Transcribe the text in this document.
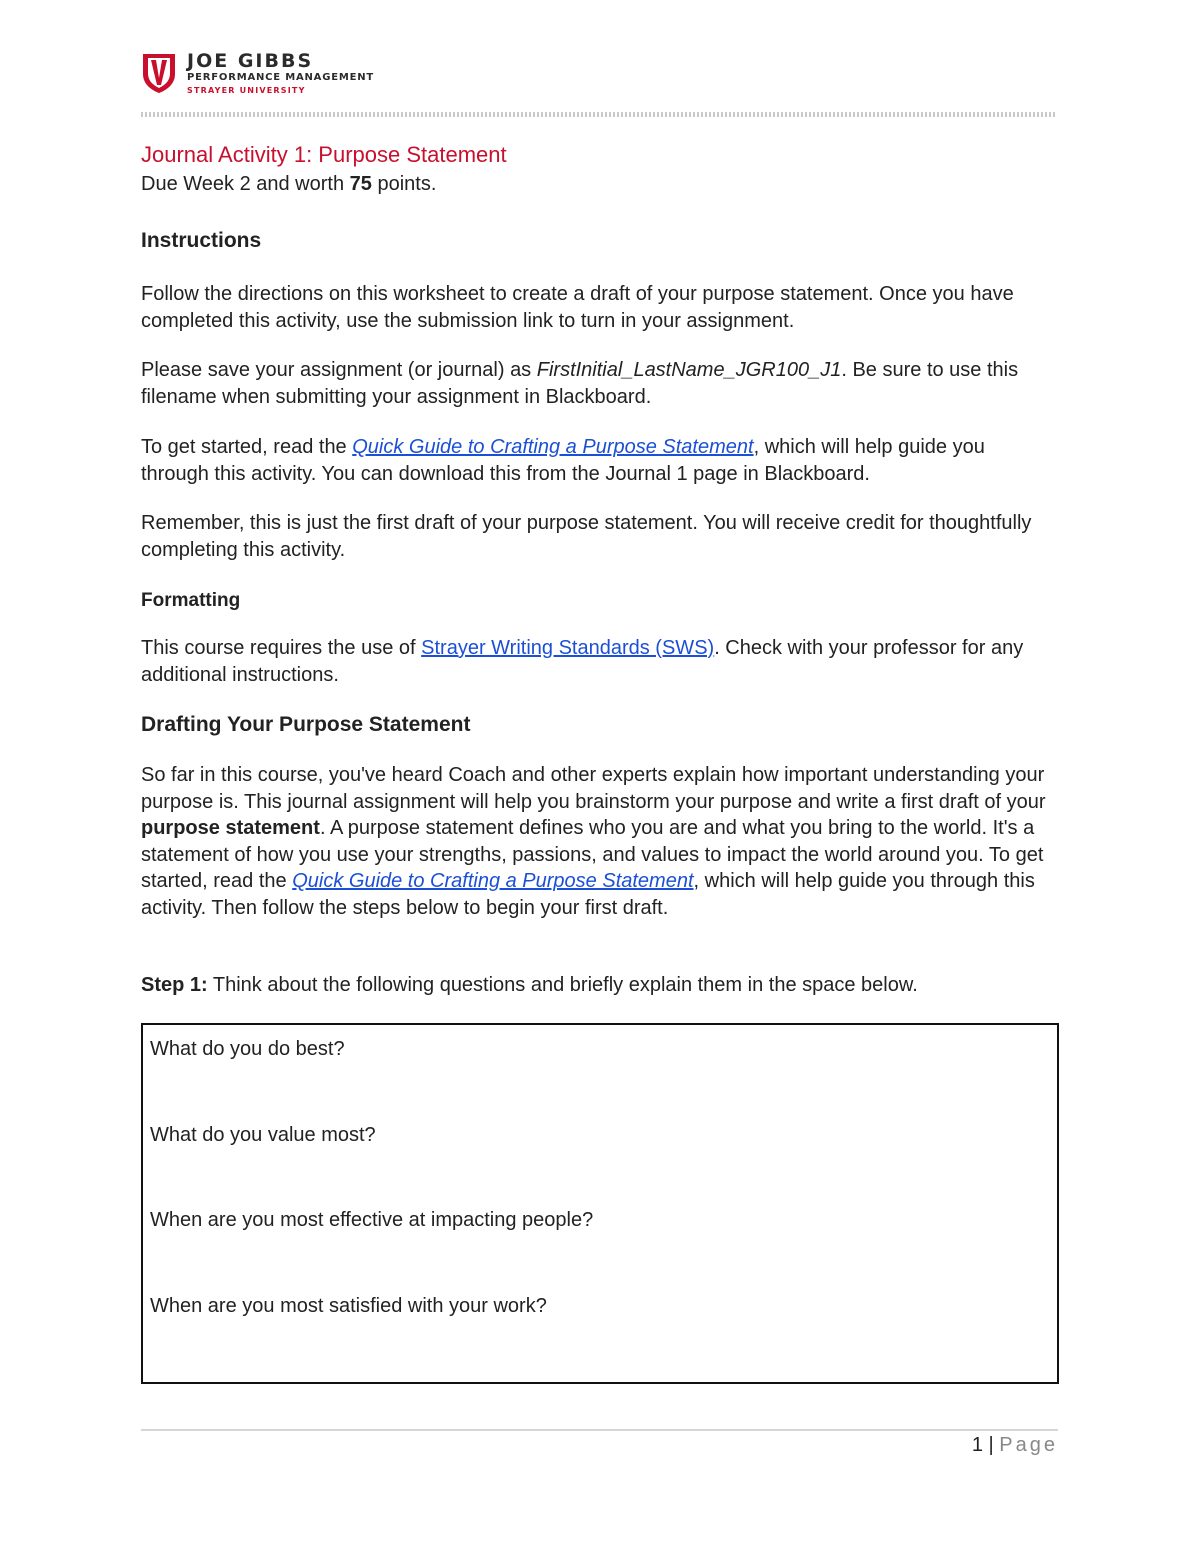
JOE GIBBS
PERFORMANCE MANAGEMENT
STRAYER UNIVERSITY
Journal Activity 1: Purpose Statement
Due Week 2 and worth 75 points.
Instructions

Follow the directions on this worksheet to create a draft of your purpose statement. Once you have completed this activity, use the submission link to turn in your assignment.

Please save your assignment (or journal) as FirstInitial_LastName_JGR100_J1. Be sure to use this filename when submitting your assignment in Blackboard.

To get started, read the Quick Guide to Crafting a Purpose Statement, which will help guide you through this activity. You can download this from the Journal 1 page in Blackboard.

Remember, this is just the first draft of your purpose statement. You will receive credit for thoughtfully completing this activity.

Formatting

This course requires the use of Strayer Writing Standards (SWS). Check with your professor for any additional instructions.

Drafting Your Purpose Statement

So far in this course, you've heard Coach and other experts explain how important understanding your purpose is. This journal assignment will help you brainstorm your purpose and write a first draft of your purpose statement. A purpose statement defines who you are and what you bring to the world. It's a statement of how you use your strengths, passions, and values to impact the world around you. To get started, read the Quick Guide to Crafting a Purpose Statement, which will help guide you through this activity. Then follow the steps below to begin your first draft.

Step 1: Think about the following questions and briefly explain them in the space below.

What do you do best?
What do you value most?
When are you most effective at impacting people?
When are you most satisfied with your work?
1 | Page
